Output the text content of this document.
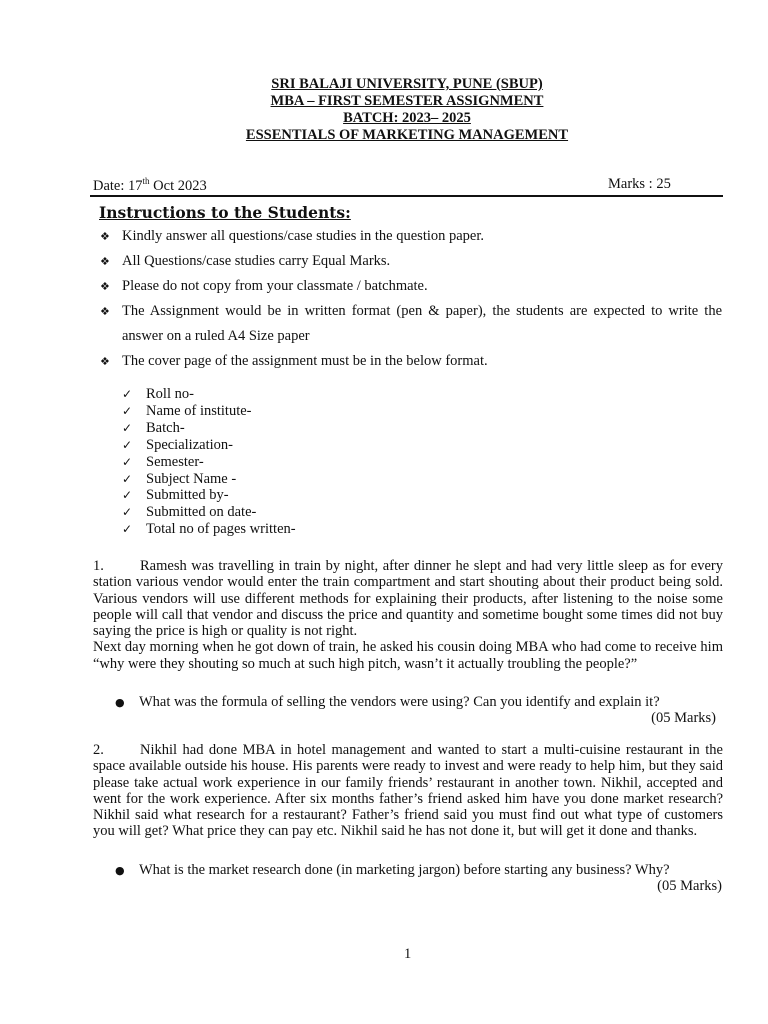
SRI BALAJI UNIVERSITY, PUNE (SBUP)
MBA – FIRST SEMESTER ASSIGNMENT
BATCH: 2023– 2025
ESSENTIALS OF MARKETING MANAGEMENT
Date: 17th Oct 2023	Marks : 25
Instructions to the Students:
❖ Kindly answer all questions/case studies in the question paper.
❖ All Questions/case studies carry Equal Marks.
❖ Please do not copy from your classmate / batchmate.
❖ The Assignment would be in written format (pen & paper), the students are expected to write the answer on a ruled A4 Size paper
❖ The cover page of the assignment must be in the below format.
✓ Roll no-
✓ Name of institute-
✓ Batch-
✓ Specialization-
✓ Semester-
✓ Subject Name -
✓ Submitted by-
✓ Submitted on date-
✓ Total no of pages written-
1. Ramesh was travelling in train by night, after dinner he slept and had very little sleep as for every station various vendor would enter the train compartment and start shouting about their product being sold. Various vendors will use different methods for explaining their products, after listening to the noise some people will call that vendor and discuss the price and quantity and sometime bought some times did not buy saying the price is high or quality is not right.
Next day morning when he got down of train, he asked his cousin doing MBA who had come to receive him “why were they shouting so much at such high pitch, wasn’t it actually troubling the people?”
● What was the formula of selling the vendors were using? Can you identify and explain it?
(05 Marks)
2. Nikhil had done MBA in hotel management and wanted to start a multi-cuisine restaurant in the space available outside his house. His parents were ready to invest and were ready to help him, but they said please take actual work experience in our family friends’ restaurant in another town. Nikhil, accepted and went for the work experience. After six months father’s friend asked him have you done market research? Nikhil said what research for a restaurant? Father’s friend said you must find out what type of customers you will get? What price they can pay etc. Nikhil said he has not done it, but will get it done and thanks.
● What is the market research done (in marketing jargon) before starting any business? Why?
(05 Marks)
1
